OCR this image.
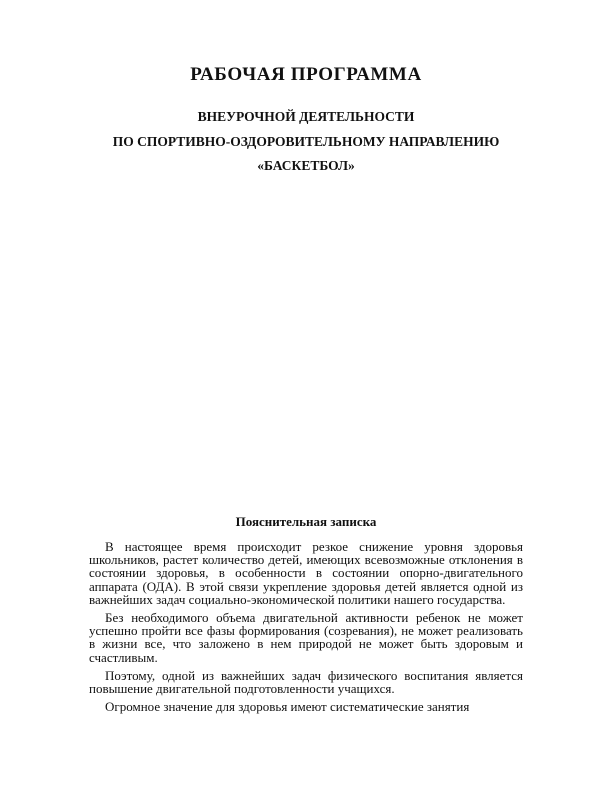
РАБОЧАЯ ПРОГРАММА
ВНЕУРОЧНОЙ ДЕЯТЕЛЬНОСТИ
ПО СПОРТИВНО-ОЗДОРОВИТЕЛЬНОМУ НАПРАВЛЕНИЮ
«БАСКЕТБОЛ»
Пояснительная записка

В настоящее время происходит резкое снижение уровня здоровья школьников, растет количество детей, имеющих всевозможные отклонения в состоянии здоровья, в особенности в состоянии опорно-двигательного аппарата (ОДА). В этой связи укрепление здоровья детей является одной из важнейших задач социально-экономической политики нашего государства.

Без необходимого объема двигательной активности ребенок не может успешно пройти все фазы формирования (созревания), не может реализовать в жизни все, что заложено в нем природой не может быть здоровым и счастливым.

Поэтому, одной из важнейших задач физического воспитания является повышение двигательной подготовленности учащихся.

Огромное значение для здоровья имеют систематические занятия
